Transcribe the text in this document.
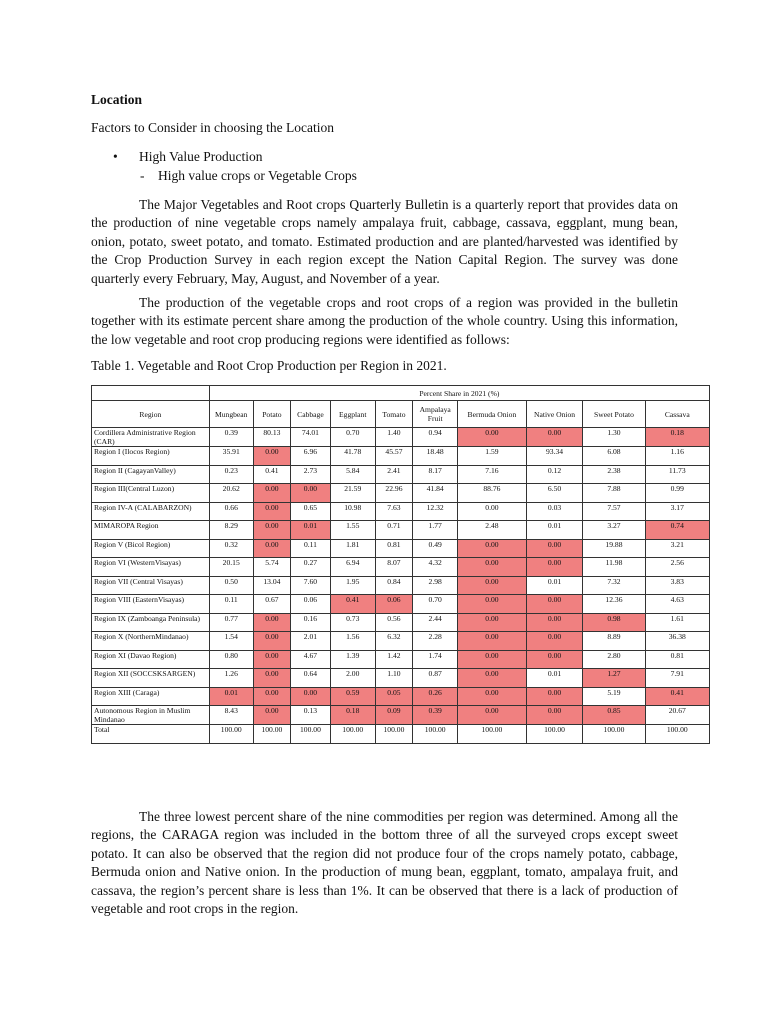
Location
Factors to Consider in choosing the Location
• High Value Production
- High value crops or Vegetable Crops

The Major Vegetables and Root crops Quarterly Bulletin is a quarterly report that provides data on the production of nine vegetable crops namely ampalaya fruit, cabbage, cassava, eggplant, mung bean, onion, potato, sweet potato, and tomato. Estimated production and are planted/harvested was identified by the Crop Production Survey in each region except the Nation Capital Region. The survey was done quarterly every February, May, August, and November of a year.

The production of the vegetable crops and root crops of a region was provided in the bulletin together with its estimate percent share among the production of the whole country. Using this information, the low vegetable and root crop producing regions were identified as follows:

Table 1. Vegetable and Root Crop Production per Region in 2021.
	Percent Share in 2021 (%)									
Region	Mungbean	Potato	Cabbage	Eggplant	Tomato	Ampalaya Fruit	Bermuda Onion	Native Onion	Sweet Potato	Cassava
Cordillera Administrative Region (CAR)	0.39	80.13	74.01	0.70	1.40	0.94	0.00	0.00	1.30	0.18
Region I (Ilocos Region)	35.91	0.00	6.96	41.78	45.57	18.48	1.59	93.34	6.08	1.16
Region II (CagayanValley)	0.23	0.41	2.73	5.84	2.41	8.17	7.16	0.12	2.38	11.73
Region III(Central Luzon)	20.62	0.00	0.00	21.59	22.96	41.84	88.76	6.50	7.88	0.99
Region IV-A (CALABARZON)	0.66	0.00	0.65	10.98	7.63	12.32	0.00	0.03	7.57	3.17
MIMAROPA Region	8.29	0.00	0.01	1.55	0.71	1.77	2.48	0.01	3.27	0.74
Region V (Bicol Region)	0.32	0.00	0.11	1.81	0.81	0.49	0.00	0.00	19.88	3.21
Region VI (WesternVisayas)	20.15	5.74	0.27	6.94	8.07	4.32	0.00	0.00	11.98	2.56
Region VII (Central Visayas)	0.50	13.04	7.60	1.95	0.84	2.98	0.00	0.01	7.32	3.83
Region VIII (EasternVisayas)	0.11	0.67	0.06	0.41	0.06	0.70	0.00	0.00	12.36	4.63
Region IX (Zamboanga Peninsula)	0.77	0.00	0.16	0.73	0.56	2.44	0.00	0.00	0.98	1.61
Region X (NorthernMindanao)	1.54	0.00	2.01	1.56	6.32	2.28	0.00	0.00	8.89	36.38
Region XI (Davao Region)	0.80	0.00	4.67	1.39	1.42	1.74	0.00	0.00	2.80	0.81
Region XII (SOCCSKSARGEN)	1.26	0.00	0.64	2.00	1.10	0.87	0.00	0.01	1.27	7.91
Region XIII (Caraga)	0.01	0.00	0.00	0.59	0.05	0.26	0.00	0.00	5.19	0.41
Autonomous Region in Muslim Mindanao	8.43	0.00	0.13	0.18	0.09	0.39	0.00	0.00	0.85	20.67
Total	100.00	100.00	100.00	100.00	100.00	100.00	100.00	100.00	100.00	100.00

The three lowest percent share of the nine commodities per region was determined. Among all the regions, the CARAGA region was included in the bottom three of all the surveyed crops except sweet potato. It can also be observed that the region did not produce four of the crops namely potato, cabbage, Bermuda onion and Native onion. In the production of mung bean, eggplant, tomato, ampalaya fruit, and cassava, the region’s percent share is less than 1%. It can be observed that there is a lack of production of vegetable and root crops in the region.
